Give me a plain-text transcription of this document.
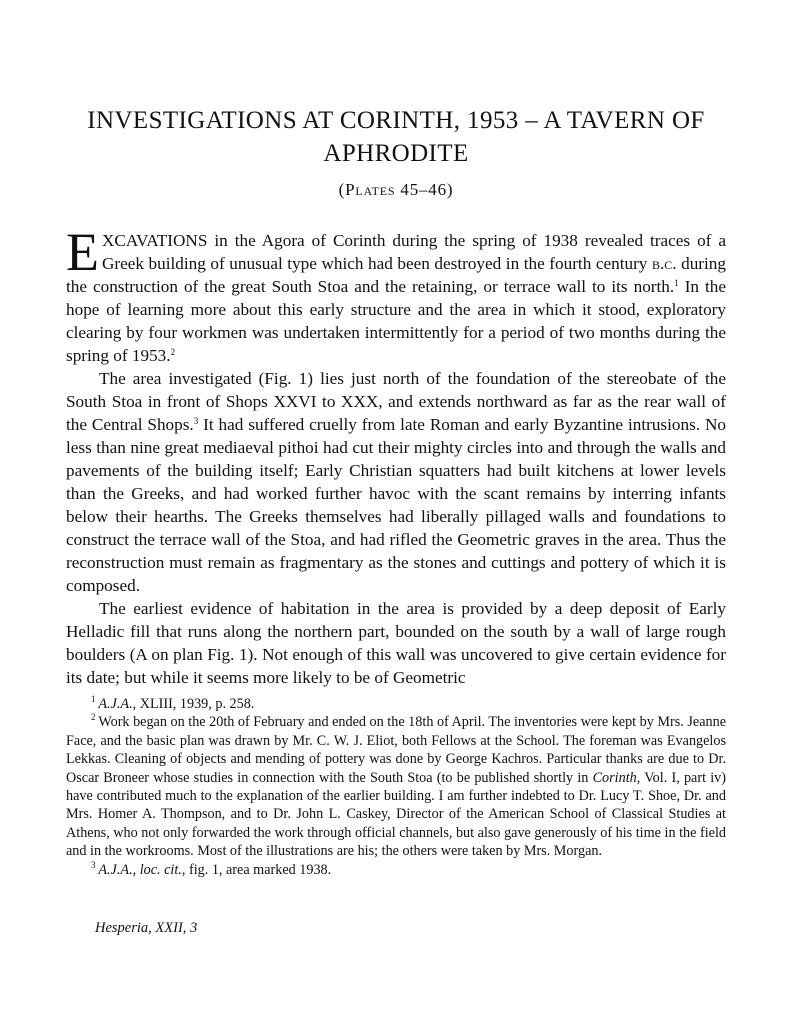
INVESTIGATIONS AT CORINTH, 1953 – A TAVERN OF APHRODITE
(Plates 45–46)

EXCAVATIONS in the Agora of Corinth during the spring of 1938 revealed traces of a Greek building of unusual type which had been destroyed in the fourth century b.c. during the construction of the great South Stoa and the retaining, or terrace wall to its north.$^1$ In the hope of learning more about this early structure and the area in which it stood, exploratory clearing by four workmen was undertaken intermittently for a period of two months during the spring of 1953.$^2$

The area investigated (Fig. 1) lies just north of the foundation of the stereobate of the South Stoa in front of Shops XXVI to XXX, and extends northward as far as the rear wall of the Central Shops.$^3$ It had suffered cruelly from late Roman and early Byzantine intrusions. No less than nine great mediaeval pithoi had cut their mighty circles into and through the walls and pavements of the building itself; Early Christian squatters had built kitchens at lower levels than the Greeks, and had worked further havoc with the scant remains by interring infants below their hearths. The Greeks themselves had liberally pillaged walls and foundations to construct the terrace wall of the Stoa, and had rifled the Geometric graves in the area. Thus the reconstruction must remain as fragmentary as the stones and cuttings and pottery of which it is composed.

The earliest evidence of habitation in the area is provided by a deep deposit of Early Helladic fill that runs along the northern part, bounded on the south by a wall of large rough boulders (A on plan Fig. 1). Not enough of this wall was uncovered to give certain evidence for its date; but while it seems more likely to be of Geometric

$^1$  A.J.A., XLIII, 1939, p. 258.

$^2$  Work began on the 20th of February and ended on the 18th of April. The inventories were kept by Mrs. Jeanne Face, and the basic plan was drawn by Mr. C. W. J. Eliot, both Fellows at the School. The foreman was Evangelos Lekkas. Cleaning of objects and mending of pottery was done by George Kachros. Particular thanks are due to Dr. Oscar Broneer whose studies in connection with the South Stoa (to be published shortly in Corinth, Vol. I, part iv) have contributed much to the explanation of the earlier building. I am further indebted to Dr. Lucy T. Shoe, Dr. and Mrs. Homer A. Thompson, and to Dr. John L. Caskey, Director of the American School of Classical Studies at Athens, who not only forwarded the work through official channels, but also gave generously of his time in the field and in the workrooms. Most of the illustrations are his; the others were taken by Mrs. Morgan.

$^3$  A.J.A., loc. cit., fig. 1, area marked 1938.

Hesperia, XXII, 3
